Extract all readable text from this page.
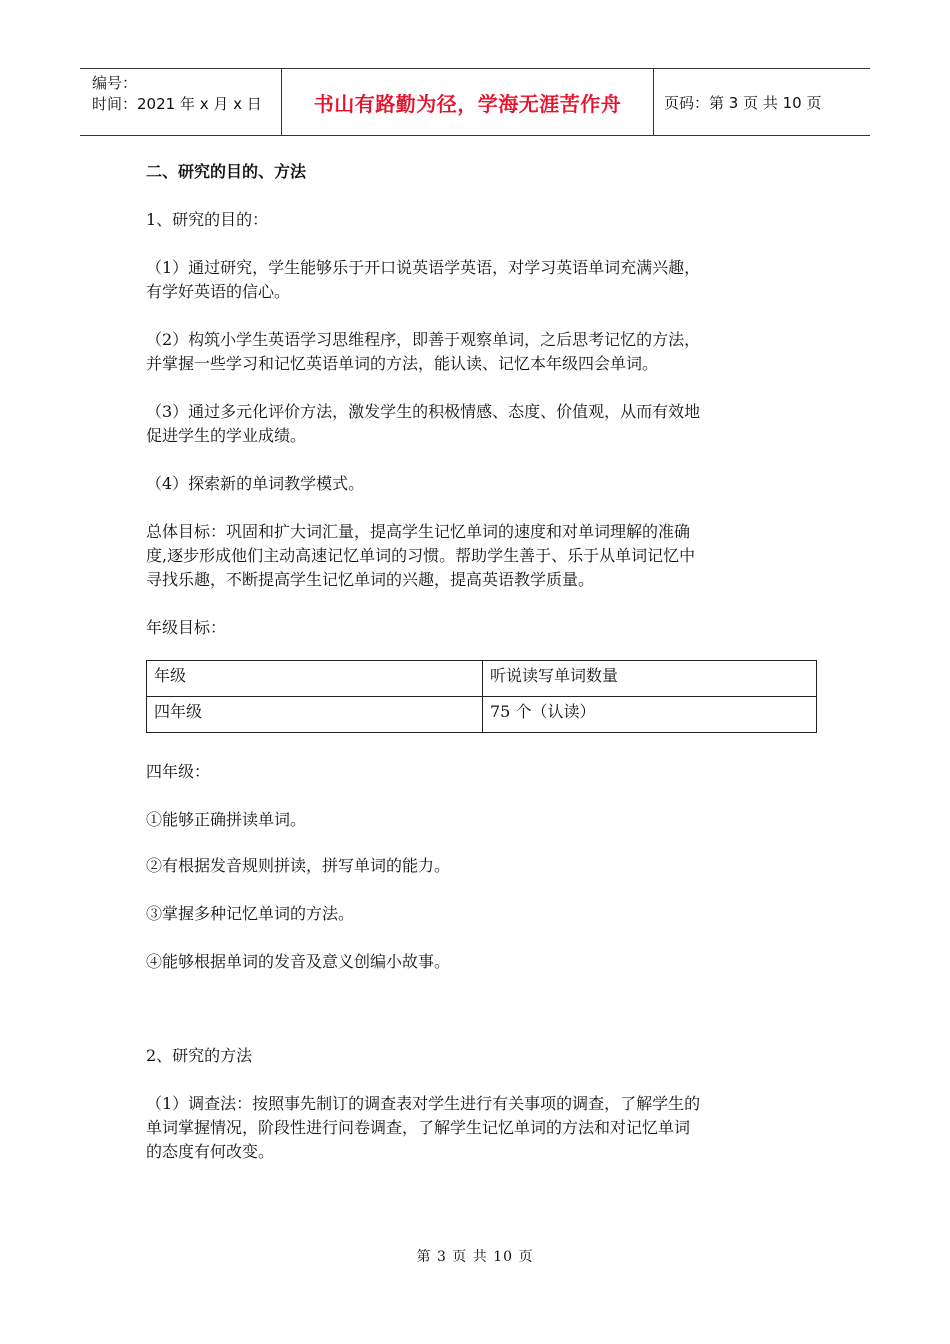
编号：
时间：2021 年 x 月 x 日	书山有路勤为径，学海无涯苦作舟	页码：第 3 页 共 10 页
二、研究的目的、方法
1、研究的目的：
（1）通过研究，学生能够乐于开口说英语学英语，对学习英语单词充满兴趣，
有学好英语的信心。
（2）构筑小学生英语学习思维程序，即善于观察单词，之后思考记忆的方法，
并掌握一些学习和记忆英语单词的方法，能认读、记忆本年级四会单词。
（3）通过多元化评价方法，激发学生的积极情感、态度、价值观，从而有效地
促进学生的学业成绩。
（4）探索新的单词教学模式。
总体目标：巩固和扩大词汇量，提高学生记忆单词的速度和对单词理解的准确
度,逐步形成他们主动高速记忆单词的习惯。帮助学生善于、乐于从单词记忆中
寻找乐趣，不断提高学生记忆单词的兴趣，提高英语教学质量。
年级目标：
年级	听说读写单词数量
四年级	75 个（认读）
四年级：
①能够正确拼读单词。
②有根据发音规则拼读，拼写单词的能力。
③掌握多种记忆单词的方法。
④能够根据单词的发音及意义创编小故事。
2、研究的方法
（1）调查法：按照事先制订的调查表对学生进行有关事项的调查，了解学生的
单词掌握情况，阶段性进行问卷调查，了解学生记忆单词的方法和对记忆单词
的态度有何改变。
第 3 页 共 10 页
